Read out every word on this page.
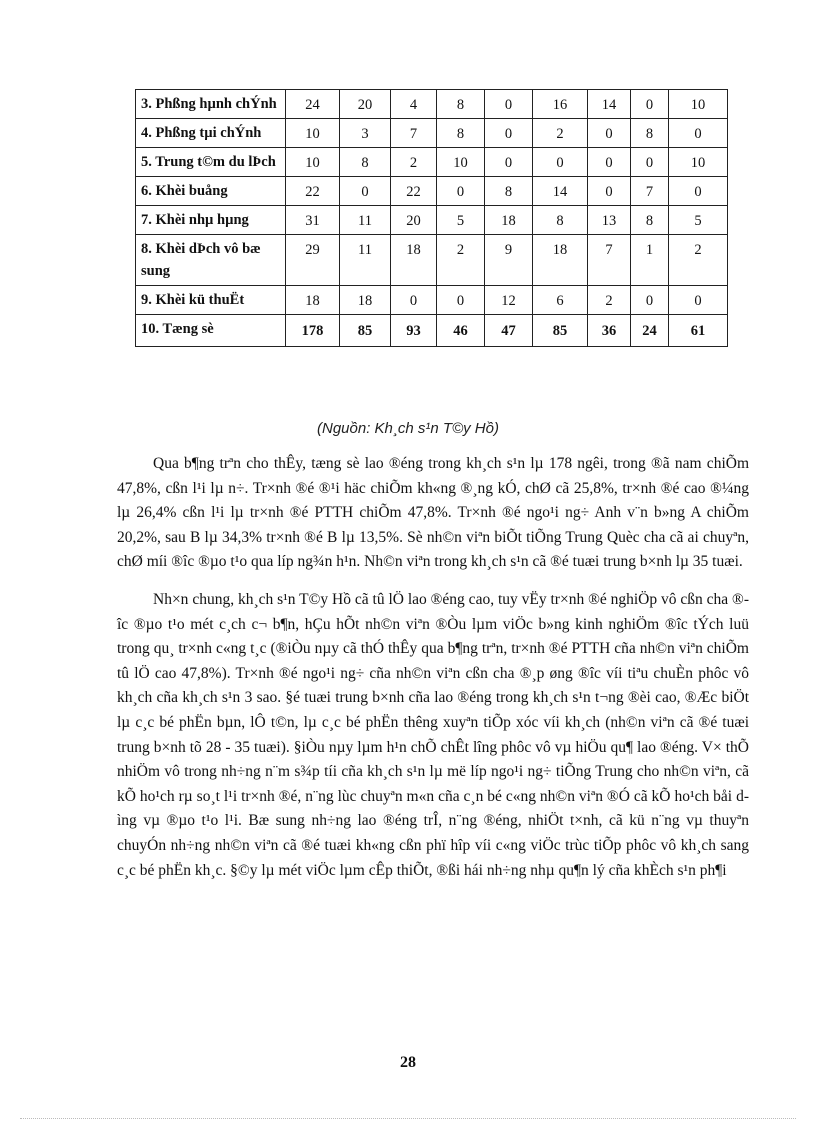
3. Phßng hµnh chÝnh	24	20	4	8	0	16	14	0	10
4. Phßng tµi chÝnh	10	3	7	8	0	2	0	8	0
5. Trung t©m du lÞch	10	8	2	10	0	0	0	0	10
6. Khèi buång	22	0	22	0	8	14	0	7	0
7. Khèi nhµ hµng	31	11	20	5	18	8	13	8	5
8. Khèi dÞch vô bæ sung	29	11	18	2	9	18	7	1	2
9. Khèi kü thuËt	18	18	0	0	12	6	2	0	0
10. Tæng sè	178	85	93	46	47	85	36	24	61
(Nguồn: Kh¸ch s¹n T©y Hồ)

Qua b¶ng trªn cho thÊy, tæng sè lao ®éng trong kh¸ch s¹n lµ 178 ngêi, trong ®ã nam chiÕm 47,8%, cßn l¹i lµ n÷. Tr×nh ®é ®¹i häc chiÕm kh«ng ®¸ng kÓ, chØ cã 25,8%, tr×nh ®é cao ®¼ng lµ 26,4% cßn l¹i lµ tr×nh ®é PTTH chiÕm 47,8%. Tr×nh ®é ngo¹i ng÷ Anh v¨n b»ng A chiÕm 20,2%, sau B lµ 34,3% tr×nh ®é B lµ 13,5%. Sè nh©n viªn biÕt tiÕng Trung Quèc cha cã ai chuyªn, chØ míi ®îc ®µo t¹o qua líp ng¾n h¹n. Nh©n viªn trong kh¸ch s¹n cã ®é tuæi trung b×nh lµ 35 tuæi.

Nh×n chung, kh¸ch s¹n T©y Hồ cã tû lÖ lao ®éng cao, tuy vËy tr×nh ®é nghiÖp vô cßn cha ®îc ®µo t¹o mét c¸ch c¬ b¶n, hÇu hÕt nh©n viªn ®Òu lµm viÖc b»ng kinh nghiÖm ®îc tÝch luü trong qu¸ tr×nh c«ng t¸c (®iÒu nµy cã thÓ thÊy qua b¶ng trªn, tr×nh ®é PTTH cña nh©n viªn chiÕm tû lÖ cao 47,8%). Tr×nh ®é ngo¹i ng÷ cña nh©n viªn cßn cha ®¸p øng ®îc víi tiªu chuÈn phôc vô kh¸ch cña kh¸ch s¹n 3 sao. §é tuæi trung b×nh cña lao ®éng trong kh¸ch s¹n t¬ng ®èi cao, ®Æc biÖt lµ c¸c bé phËn bµn, lÔ t©n, lµ c¸c bé phËn thêng xuyªn tiÕp xóc víi kh¸ch (nh©n viªn cã ®é tuæi trung b×nh tõ 28 - 35 tuæi). §iÒu nµy lµm h¹n chÕ chÊt lîng phôc vô vµ hiÖu qu¶ lao ®éng. V× thÕ nhiÖm vô trong nh÷ng n¨m s¾p tíi cña kh¸ch s¹n lµ më líp ngo¹i ng÷ tiÕng Trung cho nh©n viªn, cã kÕ ho¹ch rµ so¸t l¹i tr×nh ®é, n¨ng lùc chuyªn m«n cña c¸n bé c«ng nh©n viªn ®Ó cã kÕ ho¹ch båi dìng vµ ®µo t¹o l¹i. Bæ sung nh÷ng lao ®éng trÎ, n¨ng ®éng, nhiÖt t×nh, cã kü n¨ng vµ thuyªn chuyÓn nh÷ng nh©n viªn cã ®é tuæi kh«ng cßn phï hîp víi c«ng viÖc trùc tiÕp phôc vô kh¸ch sang c¸c bé phËn kh¸c. §©y lµ mét viÖc lµm cÊp thiÕt, ®ßi hái nh÷ng nhµ qu¶n lý cña khÈch s¹n ph¶i

28
